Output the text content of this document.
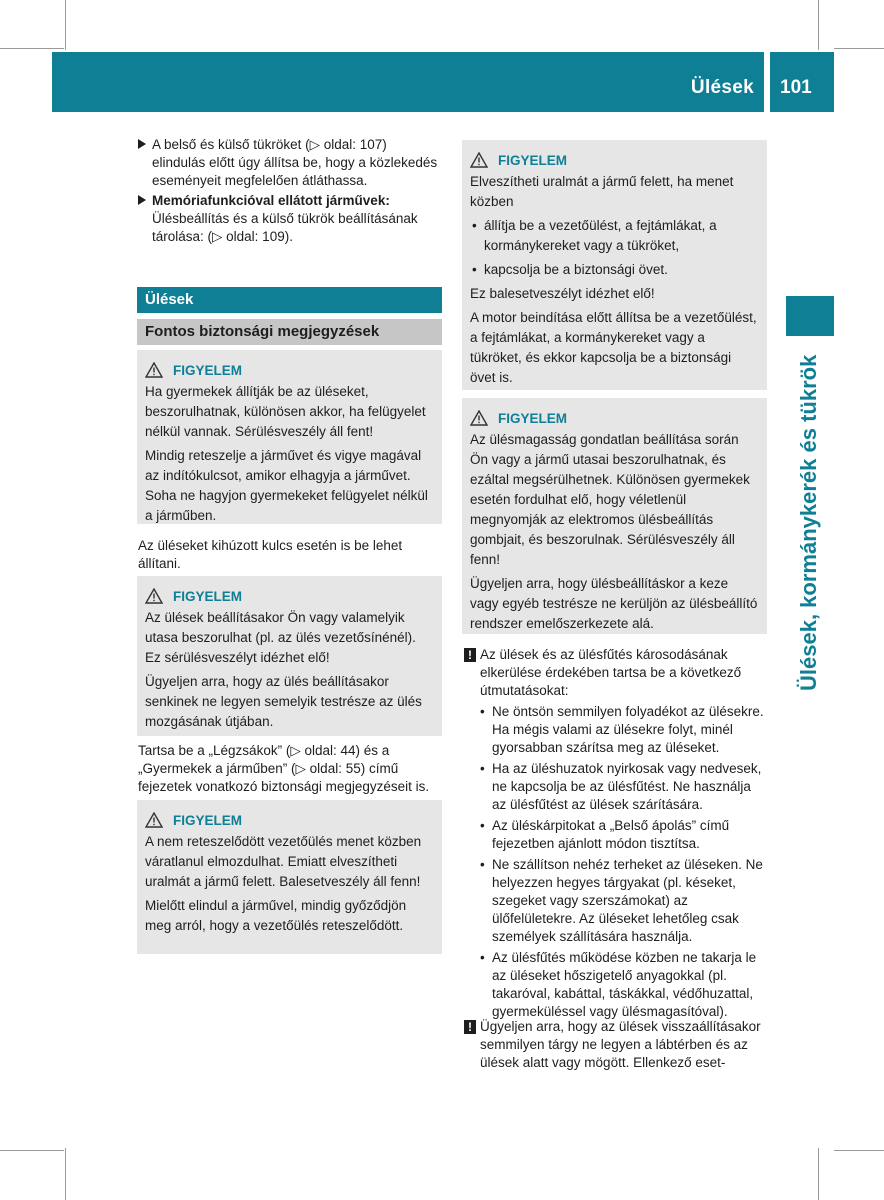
Ülések 101
Ülések, kormánykerék és tükrök
A belső és külső tükröket (▷ oldal: 107) elindulás előtt úgy állítsa be, hogy a közlekedés eseményeit megfelelően átláthassa.
Memóriafunkcióval ellátott járművek: Ülésbeállítás és a külső tükrök beállításának tárolása: (▷ oldal: 109).
Ülések
Fontos biztonsági megjegyzések
FIGYELEM

Ha gyermekek állítják be az üléseket, beszorulhatnak, különösen akkor, ha felügyelet nélkül vannak. Sérülésveszély áll fent!

Mindig reteszelje a járművet és vigye magával az indítókulcsot, amikor elhagyja a járművet. Soha ne hagyjon gyermekeket felügyelet nélkül a járműben.

Az üléseket kihúzott kulcs esetén is be lehet állítani.
FIGYELEM

Az ülések beállításakor Ön vagy valamelyik utasa beszorulhat (pl. az ülés vezetősínénél). Ez sérülésveszélyt idézhet elő!

Ügyeljen arra, hogy az ülés beállításakor senkinek ne legyen semelyik testrésze az ülés mozgásának útjában.

Tartsa be a „Légzsákok” (▷ oldal: 44) és a „Gyermekek a járműben” (▷ oldal: 55) című fejezetek vonatkozó biztonsági megjegyzéseit is.
FIGYELEM

A nem reteszelődött vezetőülés menet közben váratlanul elmozdulhat. Emiatt elveszítheti uralmát a jármű felett. Balesetveszély áll fenn!

Mielőtt elindul a járművel, mindig győződjön meg arról, hogy a vezetőülés reteszelődött.

FIGYELEM

Elveszítheti uralmát a jármű felett, ha menet közben

• állítja be a vezetőülést, a fejtámlákat, a kormánykereket vagy a tükröket,

• kapcsolja be a biztonsági övet.

Ez balesetveszélyt idézhet elő!

A motor beindítása előtt állítsa be a vezetőülést, a fejtámlákat, a kormánykereket vagy a tükröket, és ekkor kapcsolja be a biztonsági övet is.

FIGYELEM

Az ülésmagasság gondatlan beállítása során Ön vagy a jármű utasai beszorulhatnak, és ezáltal megsérülhetnek. Különösen gyermekek esetén fordulhat elő, hogy véletlenül megnyomják az elektromos ülésbeállítás gombjait, és beszorulnak. Sérülésveszély áll fenn!

Ügyeljen arra, hogy ülésbeállításkor a keze vagy egyéb testrésze ne kerüljön az ülésbeállító rendszer emelőszerkezete alá.

! Az ülések és az ülésfűtés károsodásának elkerülése érdekében tartsa be a következő útmutatásokat:
• Ne öntsön semmilyen folyadékot az ülésekre. Ha mégis valami az ülésekre folyt, minél gyorsabban szárítsa meg az üléseket.
• Ha az üléshuzatok nyirkosak vagy nedvesek, ne kapcsolja be az ülésfűtést. Ne használja az ülésfűtést az ülések szárítására.
• Az üléskárpitokat a „Belső ápolás” című fejezetben ajánlott módon tisztítsa.
• Ne szállítson nehéz terheket az üléseken. Ne helyezzen hegyes tárgyakat (pl. késeket, szegeket vagy szerszámokat) az ülőfelületekre. Az üléseket lehetőleg csak személyek szállítására használja.
• Az ülésfűtés működése közben ne takarja le az üléseket hőszigetelő anyagokkal (pl. takaróval, kabáttal, táskákkal, védőhuzattal, gyermeküléssel vagy ülésmagasítóval).
! Ügyeljen arra, hogy az ülések visszaállításakor semmilyen tárgy ne legyen a lábtérben és az ülések alatt vagy mögött. Ellenkező eset-
